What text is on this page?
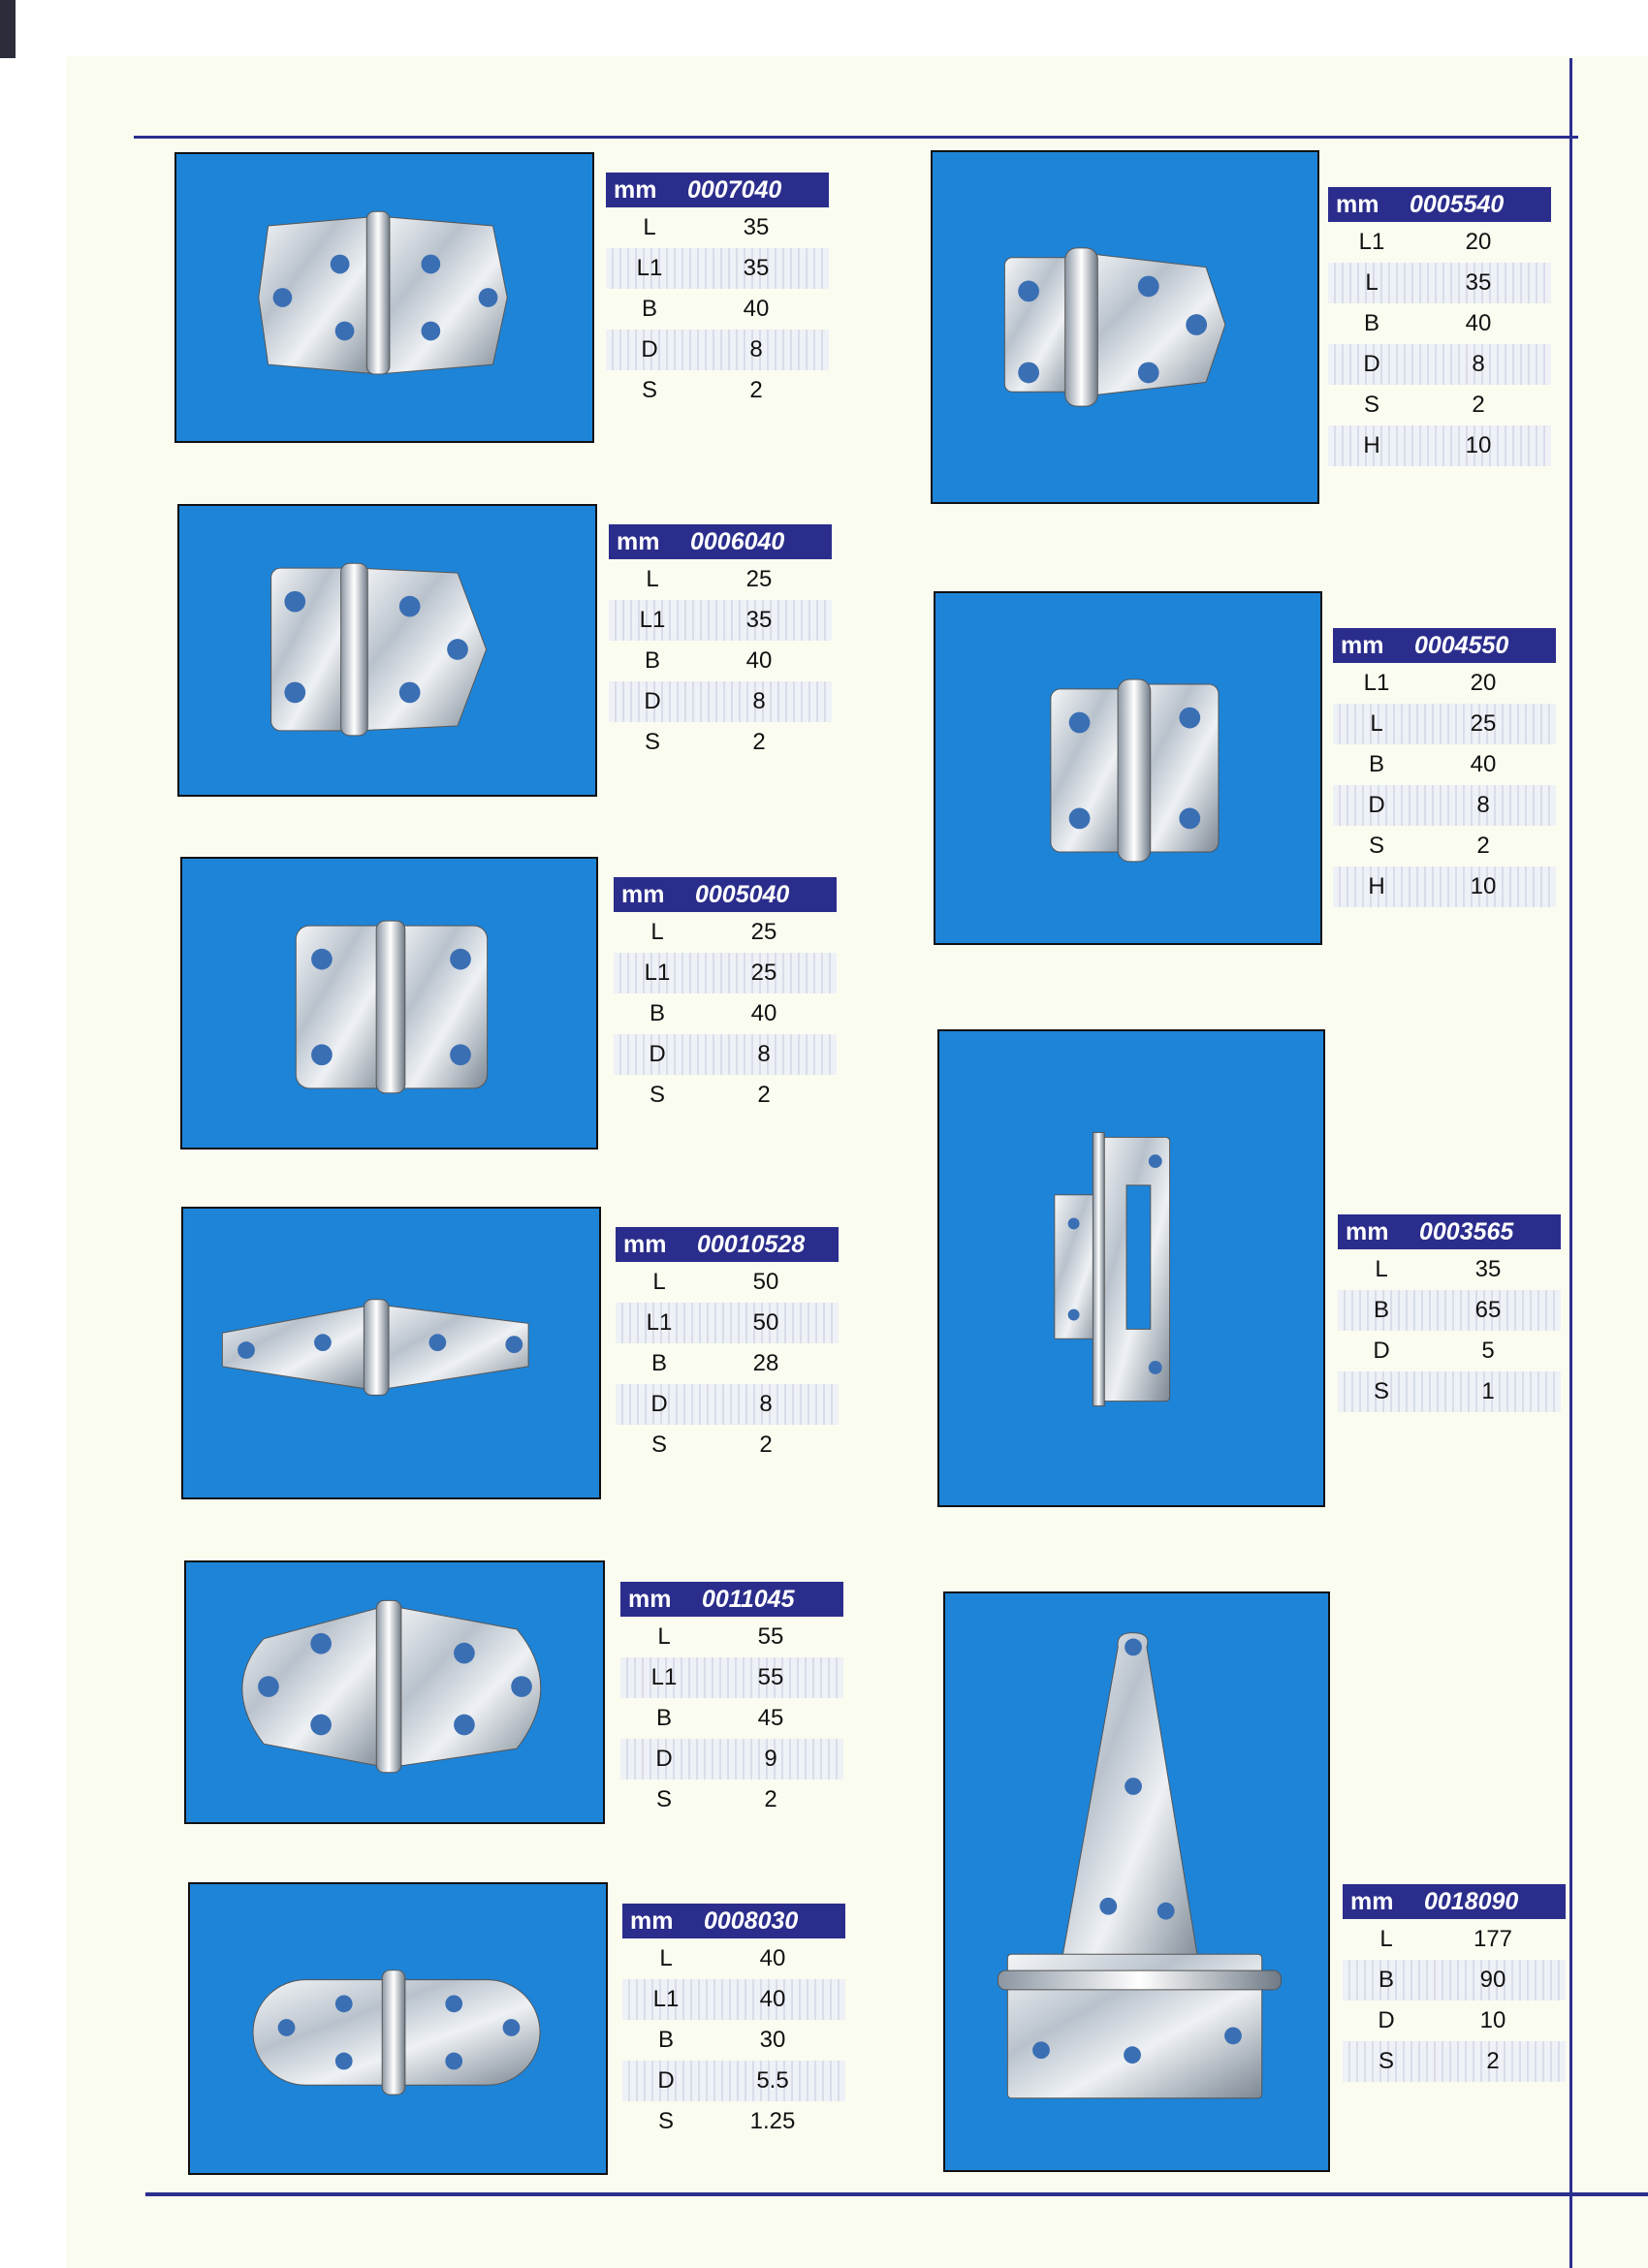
mm	0007040
L	35
L1	35
B	40
D	8
S	2
mm	0006040
L	25
L1	35
B	40
D	8
S	2
mm	0005040
L	25
L1	25
B	40
D	8
S	2
mm	00010528
L	50
L1	50
B	28
D	8
S	2
mm	0011045
L	55
L1	55
B	45
D	9
S	2
mm	0008030
L	40
L1	40
B	30
D	5.5
S	1.25
mm	0005540
L1	20
L	35
B	40
D	8
S	2
H	10
mm	0004550
L1	20
L	25
B	40
D	8
S	2
H	10
mm	0003565
L	35
B	65
D	5
S	1
mm	0018090
L	177
B	90
D	10
S	2
